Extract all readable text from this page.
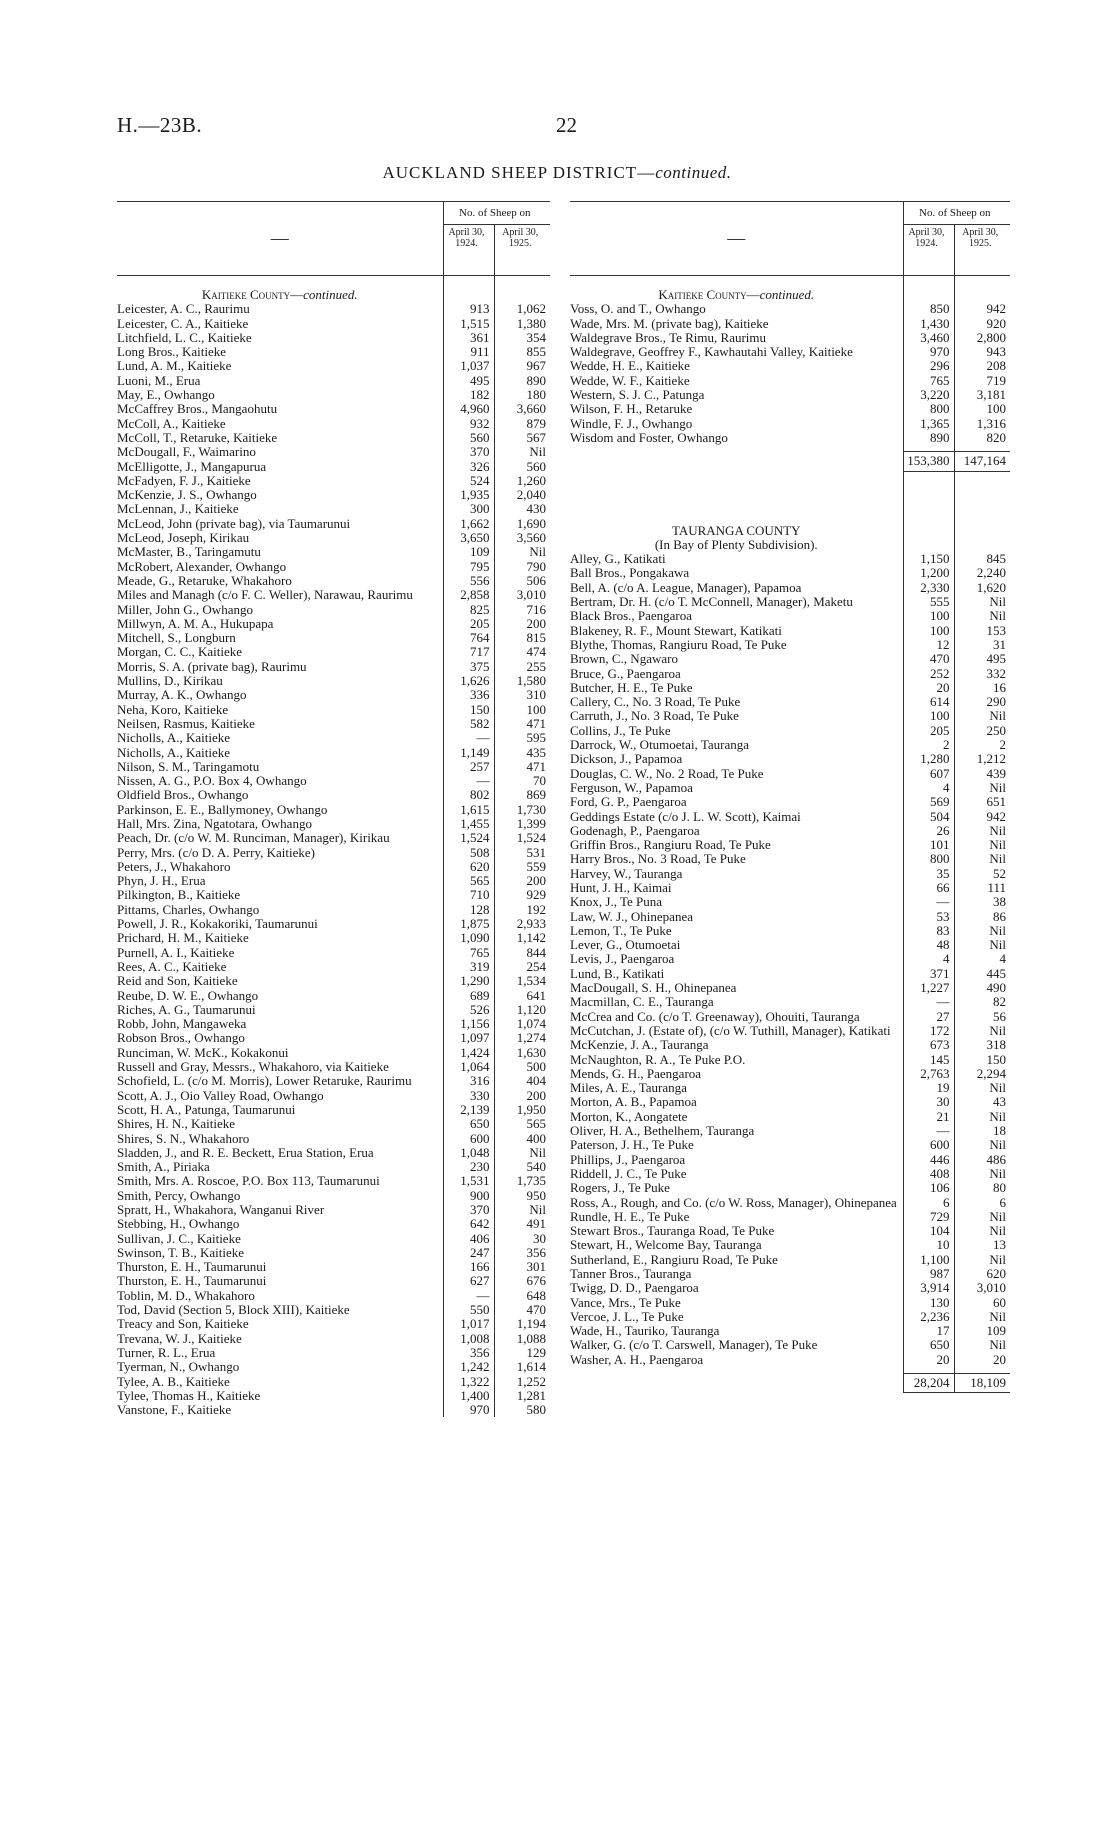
H.—23B.	22
AUCKLAND SHEEP DISTRICT—continued.
—	No. of Sheep on	
	April 30, 1924.	April 30, 1925.

Kaitieke County—continued.		
Leicester, A. C., Raurimu	913	1,062
Leicester, C. A., Kaitieke	1,515	1,380
Litchfield, L. C., Kaitieke	361	354
Long Bros., Kaitieke	911	855
Lund, A. M., Kaitieke	1,037	967
Luoni, M., Erua	495	890
May, E., Owhango	182	180
McCaffrey Bros., Mangaohutu	4,960	3,660
McColl, A., Kaitieke	932	879
McColl, T., Retaruke, Kaitieke	560	567
McDougall, F., Waimarino	370	Nil
McElligotte, J., Mangapurua	326	560
McFadyen, F. J., Kaitieke	524	1,260
McKenzie, J. S., Owhango	1,935	2,040
McLennan, J., Kaitieke	300	430
McLeod, John (private bag), via Taumarunui	1,662	1,690
McLeod, Joseph, Kirikau	3,650	3,560
McMaster, B., Taringamutu	109	Nil
McRobert, Alexander, Owhango	795	790
Meade, G., Retaruke, Whakahoro	556	506
Miles and Managh (c/o F. C. Weller), Narawau, Raurimu	2,858	3,010
Miller, John G., Owhango	825	716
Millwyn, A. M. A., Hukupapa	205	200
Mitchell, S., Longburn	764	815
Morgan, C. C., Kaitieke	717	474
Morris, S. A. (private bag), Raurimu	375	255
Mullins, D., Kirikau	1,626	1,580
Murray, A. K., Owhango	336	310
Neha, Koro, Kaitieke	150	100
Neilsen, Rasmus, Kaitieke	582	471
Nicholls, A., Kaitieke	—	595
Nicholls, A., Kaitieke	1,149	435
Nilson, S. M., Taringamotu	257	471
Nissen, A. G., P.O. Box 4, Owhango	—	70
Oldfield Bros., Owhango	802	869
Parkinson, E. E., Ballymoney, Owhango	1,615	1,730
Hall, Mrs. Zina, Ngatotara, Owhango	1,455	1,399
Peach, Dr. (c/o W. M. Runciman, Manager), Kirikau	1,524	1,524
Perry, Mrs. (c/o D. A. Perry, Kaitieke)	508	531
Peters, J., Whakahoro	620	559
Phyn, J. H., Erua	565	200
Pilkington, B., Kaitieke	710	929
Pittams, Charles, Owhango	128	192
Powell, J. R., Kokakoriki, Taumarunui	1,875	2,933
Prichard, H. M., Kaitieke	1,090	1,142
Purnell, A. I., Kaitieke	765	844
Rees, A. C., Kaitieke	319	254
Reid and Son, Kaitieke	1,290	1,534
Reube, D. W. E., Owhango	689	641
Riches, A. G., Taumarunui	526	1,120
Robb, John, Mangaweka	1,156	1,074
Robson Bros., Owhango	1,097	1,274
Runciman, W. McK., Kokakonui	1,424	1,630
Russell and Gray, Messrs., Whakahoro, via Kaitieke	1,064	500
Schofield, L. (c/o M. Morris), Lower Retaruke, Raurimu	316	404
Scott, A. J., Oio Valley Road, Owhango	330	200
Scott, H. A., Patunga, Taumarunui	2,139	1,950
Shires, H. N., Kaitieke	650	565
Shires, S. N., Whakahoro	600	400
Sladden, J., and R. E. Beckett, Erua Station, Erua	1,048	Nil
Smith, A., Piriaka	230	540
Smith, Mrs. A. Roscoe, P.O. Box 113, Taumarunui	1,531	1,735
Smith, Percy, Owhango	900	950
Spratt, H., Whakahora, Wanganui River	370	Nil
Stebbing, H., Owhango	642	491
Sullivan, J. C., Kaitieke	406	30
Swinson, T. B., Kaitieke	247	356
Thurston, E. H., Taumarunui	166	301
Thurston, E. H., Taumarunui	627	676
Toblin, M. D., Whakahoro	—	648
Tod, David (Section 5, Block XIII), Kaitieke	550	470
Treacy and Son, Kaitieke	1,017	1,194
Trevana, W. J., Kaitieke	1,008	1,088
Turner, R. L., Erua	356	129
Tyerman, N., Owhango	1,242	1,614
Tylee, A. B., Kaitieke	1,322	1,252
Tylee, Thomas H., Kaitieke	1,400	1,281
Vanstone, F., Kaitieke	970	580
—	No. of Sheep on	
	April 30, 1924.	April 30, 1925.

Kaitieke County—continued.		
Voss, O. and T., Owhango	850	942
Wade, Mrs. M. (private bag), Kaitieke	1,430	920
Waldegrave Bros., Te Rimu, Raurimu	3,460	2,800
Waldegrave, Geoffrey F., Kawhautahi Valley, Kaitieke	970	943
Wedde, H. E., Kaitieke	296	208
Wedde, W. F., Kaitieke	765	719
Western, S. J. C., Patunga	3,220	3,181
Wilson, F. H., Retaruke	800	100
Windle, F. J., Owhango	1,365	1,316
Wisdom and Foster, Owhango	890	820

	153,380	147,164

TAURANGA COUNTY		
(In Bay of Plenty Subdivision).		
Alley, G., Katikati	1,150	845
Ball Bros., Pongakawa	1,200	2,240
Bell, A. (c/o A. League, Manager), Papamoa	2,330	1,620
Bertram, Dr. H. (c/o T. McConnell, Manager), Maketu	555	Nil
Black Bros., Paengaroa	100	Nil
Blakeney, R. F., Mount Stewart, Katikati	100	153
Blythe, Thomas, Rangiuru Road, Te Puke	12	31
Brown, C., Ngawaro	470	495
Bruce, G., Paengaroa	252	332
Butcher, H. E., Te Puke	20	16
Callery, C., No. 3 Road, Te Puke	614	290
Carruth, J., No. 3 Road, Te Puke	100	Nil
Collins, J., Te Puke	205	250
Darrock, W., Otumoetai, Tauranga	2	2
Dickson, J., Papamoa	1,280	1,212
Douglas, C. W., No. 2 Road, Te Puke	607	439
Ferguson, W., Papamoa	4	Nil
Ford, G. P., Paengaroa	569	651
Geddings Estate (c/o J. L. W. Scott), Kaimai	504	942
Godenagh, P., Paengaroa	26	Nil
Griffin Bros., Rangiuru Road, Te Puke	101	Nil
Harry Bros., No. 3 Road, Te Puke	800	Nil
Harvey, W., Tauranga	35	52
Hunt, J. H., Kaimai	66	111
Knox, J., Te Puna	—	38
Law, W. J., Ohinepanea	53	86
Lemon, T., Te Puke	83	Nil
Lever, G., Otumoetai	48	Nil
Levis, J., Paengaroa	4	4
Lund, B., Katikati	371	445
MacDougall, S. H., Ohinepanea	1,227	490
Macmillan, C. E., Tauranga	—	82
McCrea and Co. (c/o T. Greenaway), Ohouiti, Tauranga	27	56
McCutchan, J. (Estate of), (c/o W. Tuthill, Manager), Katikati	172	Nil
McKenzie, J. A., Tauranga	673	318
McNaughton, R. A., Te Puke P.O.	145	150
Mends, G. H., Paengaroa	2,763	2,294
Miles, A. E., Tauranga	19	Nil
Morton, A. B., Papamoa	30	43
Morton, K., Aongatete	21	Nil
Oliver, H. A., Bethelhem, Tauranga	—	18
Paterson, J. H., Te Puke	600	Nil
Phillips, J., Paengaroa	446	486
Riddell, J. C., Te Puke	408	Nil
Rogers, J., Te Puke	106	80
Ross, A., Rough, and Co. (c/o W. Ross, Manager), Ohinepanea	6	6
Rundle, H. E., Te Puke	729	Nil
Stewart Bros., Tauranga Road, Te Puke	104	Nil
Stewart, H., Welcome Bay, Tauranga	10	13
Sutherland, E., Rangiuru Road, Te Puke	1,100	Nil
Tanner Bros., Tauranga	987	620
Twigg, D. D., Paengaroa	3,914	3,010
Vance, Mrs., Te Puke	130	60
Vercoe, J. L., Te Puke	2,236	Nil
Wade, H., Tauriko, Tauranga	17	109
Walker, G. (c/o T. Carswell, Manager), Te Puke	650	Nil
Washer, A. H., Paengaroa	20	20

	28,204	18,109
